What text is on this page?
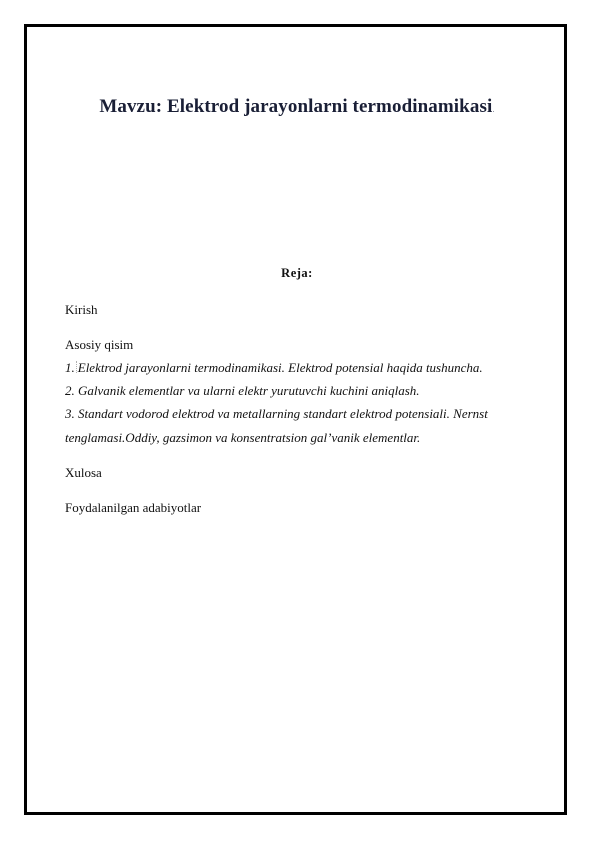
Mavzu: Elektrod jarayonlarni termodinamikasi.
Reja:
Kirish
Asosiy qisim
1. Elektrod jarayonlarni termodinamikasi. Elektrod potensial haqida tushuncha.
2. Galvanik elementlar va ularni elektr yurutuvchi kuchini aniqlash.
3. Standart vodorod elektrod va metallarning standart elektrod potensiali. Nernst
tenglamasi.Oddiy, gazsimon va konsentratsion gal’vanik elementlar.
Xulosa
Foydalanilgan adabiyotlar
